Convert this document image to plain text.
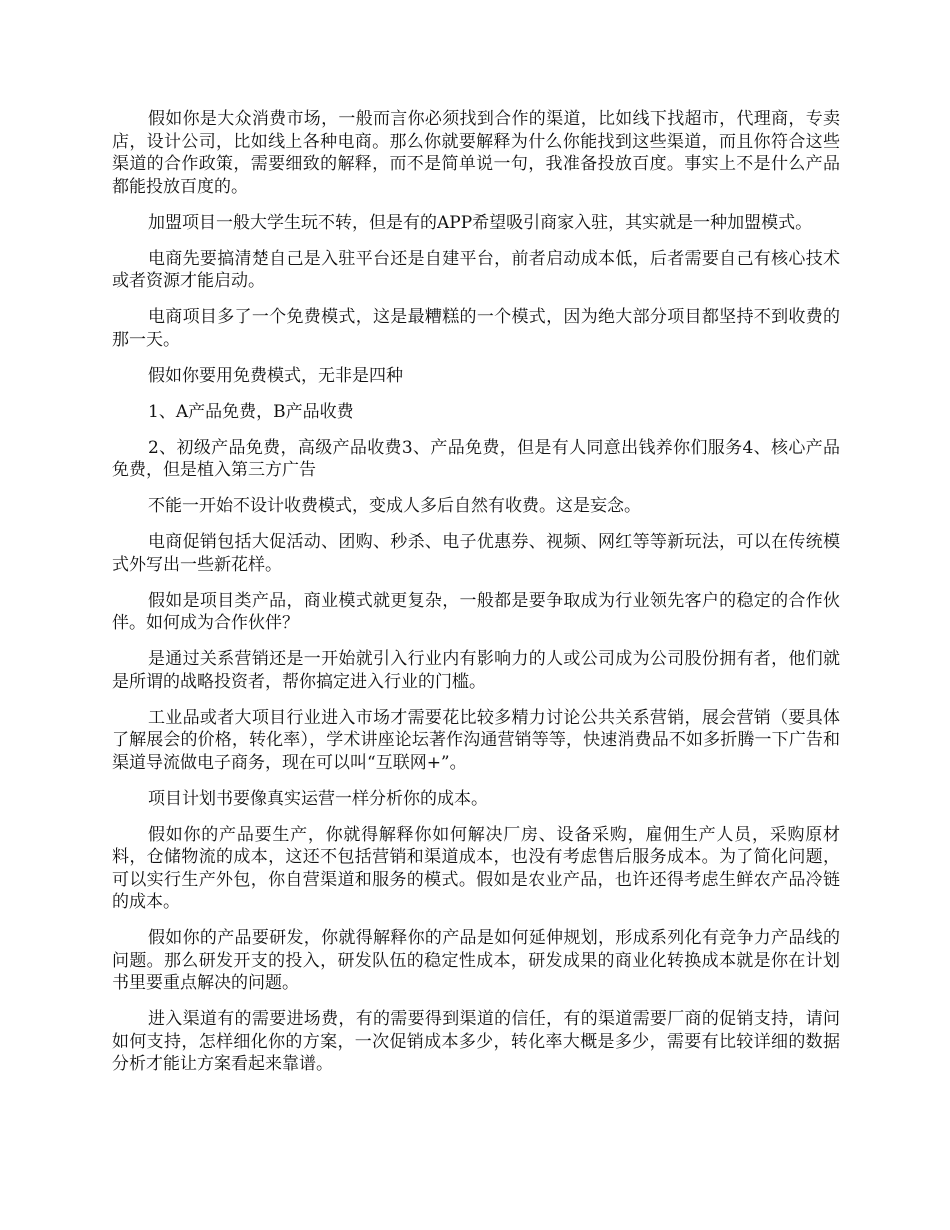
假如你是大众消费市场，一般而言你必须找到合作的渠道，比如线下找超市，代理商，专卖店，设计公司，比如线上各种电商。那么你就要解释为什么你能找到这些渠道，而且你符合这些渠道的合作政策，需要细致的解释，而不是简单说一句，我准备投放百度。事实上不是什么产品都能投放百度的。

加盟项目一般大学生玩不转，但是有的APP希望吸引商家入驻，其实就是一种加盟模式。

电商先要搞清楚自己是入驻平台还是自建平台，前者启动成本低，后者需要自己有核心技术或者资源才能启动。

电商项目多了一个免费模式，这是最糟糕的一个模式，因为绝大部分项目都坚持不到收费的那一天。

假如你要用免费模式，无非是四种

1、A产品免费，B产品收费

2、初级产品免费，高级产品收费3、产品免费，但是有人同意出钱养你们服务4、核心产品免费，但是植入第三方广告

不能一开始不设计收费模式，变成人多后自然有收费。这是妄念。

电商促销包括大促活动、团购、秒杀、电子优惠券、视频、网红等等新玩法，可以在传统模式外写出一些新花样。

假如是项目类产品，商业模式就更复杂，一般都是要争取成为行业领先客户的稳定的合作伙伴。如何成为合作伙伴？

是通过关系营销还是一开始就引入行业内有影响力的人或公司成为公司股份拥有者，他们就是所谓的战略投资者，帮你搞定进入行业的门槛。

工业品或者大项目行业进入市场才需要花比较多精力讨论公共关系营销，展会营销（要具体了解展会的价格，转化率），学术讲座论坛著作沟通营销等等，快速消费品不如多折腾一下广告和渠道导流做电子商务，现在可以叫“互联网+”。

项目计划书要像真实运营一样分析你的成本。

假如你的产品要生产，你就得解释你如何解决厂房、设备采购，雇佣生产人员，采购原材料，仓储物流的成本，这还不包括营销和渠道成本，也没有考虑售后服务成本。为了简化问题，可以实行生产外包，你自营渠道和服务的模式。假如是农业产品，也许还得考虑生鲜农产品冷链的成本。

假如你的产品要研发，你就得解释你的产品是如何延伸规划，形成系列化有竞争力产品线的问题。那么研发开支的投入，研发队伍的稳定性成本，研发成果的商业化转换成本就是你在计划书里要重点解决的问题。

进入渠道有的需要进场费，有的需要得到渠道的信任，有的渠道需要厂商的促销支持，请问如何支持，怎样细化你的方案，一次促销成本多少，转化率大概是多少，需要有比较详细的数据分析才能让方案看起来靠谱。
